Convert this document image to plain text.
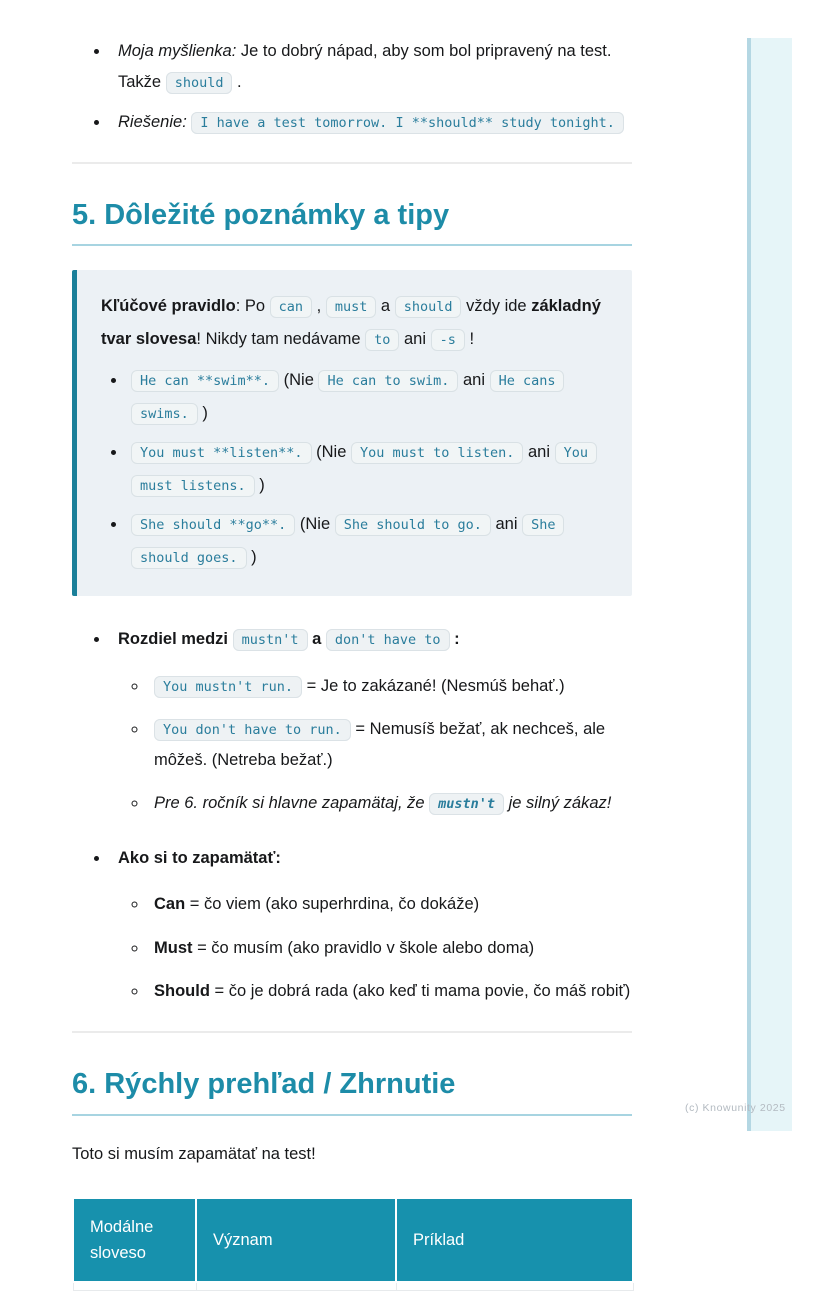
(c) Knowunity 2025
• Moja myšlienka: Je to dobrý nápad, aby som bol pripravený na test. Takže should .
• Riešenie: I have a test tomorrow. I **should** study tonight.
5. Dôležité poznámky a tipy

Kľúčové pravidlo: Po can , must a should vždy ide základný tvar slovesa! Nikdy tam nedávame to ani -s !

• He can **swim**. (Nie He can to swim. ani He cans swims. )
• You must **listen**. (Nie You must to listen. ani You must listens. )
• She should **go**. (Nie She should to go. ani She should goes. )
• Rozdiel medzi mustn't a don't have to :
◦ You mustn't run. = Je to zakázané! (Nesmúš behať.)
◦ You don't have to run. = Nemusíš bežať, ak nechceš, ale môžeš. (Netreba bežať.)
◦ Pre 6. ročník si hlavne zapamätaj, že mustn't je silný zákaz!
• Ako si to zapamätať:
◦ Can = čo viem (ako superhrdina, čo dokáže)
◦ Must = čo musím (ako pravidlo v škole alebo doma)
◦ Should = čo je dobrá rada (ako keď ti mama povie, čo máš robiť)
6. Rýchly prehľad / Zhrnutie

Toto si musím zapamätať na test!

Modálne sloveso	Význam	Príklad
